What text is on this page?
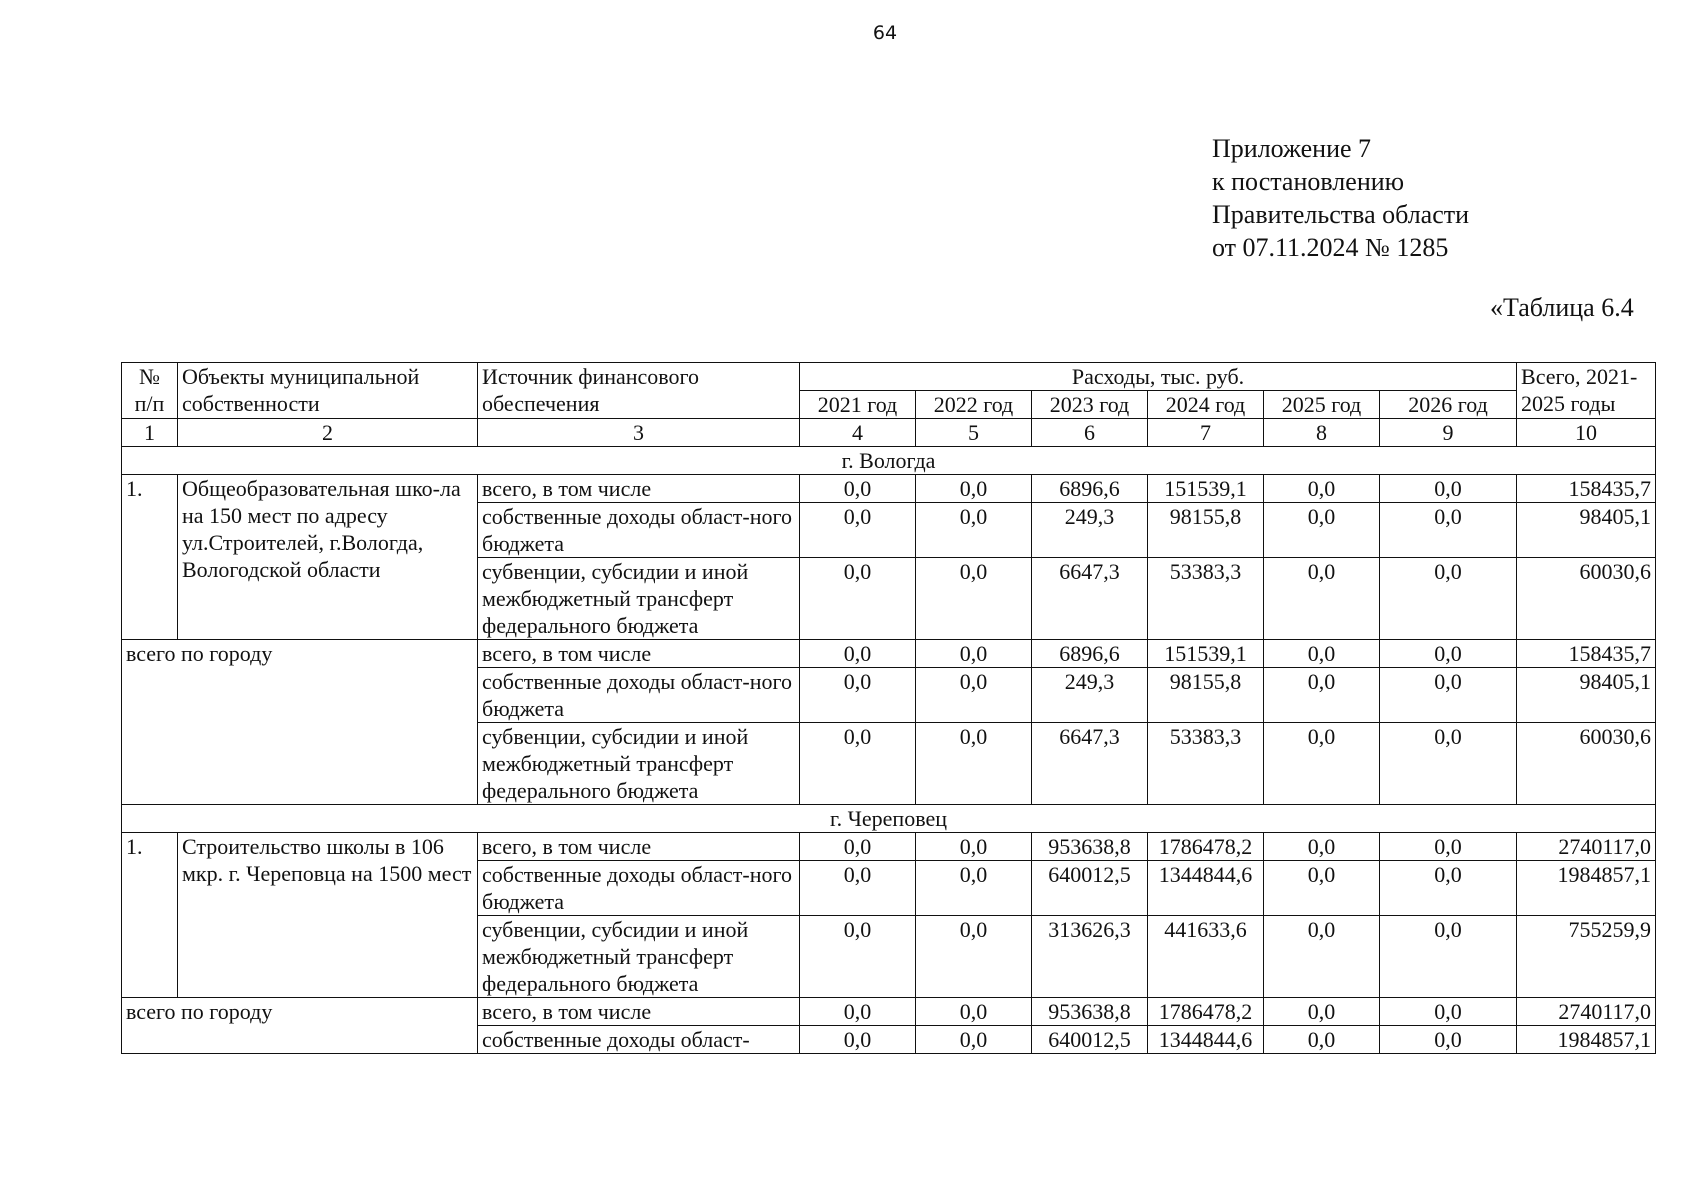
64
Приложение 7
к постановлению
Правительства области
от 07.11.2024 № 1285
«Таблица 6.4
№
п/п	Объекты муниципальной собственности	Источник финансового обеспечения	Расходы, тыс. руб.						Всего, 2021-2025 годы
			2021 год	2022 год	2023 год	2024 год	2025 год	2026 год	
1	2	3	4	5	6	7	8	9	10
г. Вологда									
1.	Общеобразовательная шко-ла на 150 мест по адресу ул.Строителей, г.Вологда, Вологодской области	всего, в том числе	0,0	0,0	6896,6	151539,1	0,0	0,0	158435,7
		собственные доходы област-ного бюджета	0,0	0,0	249,3	98155,8	0,0	0,0	98405,1
		субвенции, субсидии и иной межбюджетный трансферт федерального бюджета	0,0	0,0	6647,3	53383,3	0,0	0,0	60030,6
всего по городу		всего, в том числе	0,0	0,0	6896,6	151539,1	0,0	0,0	158435,7
		собственные доходы област-ного бюджета	0,0	0,0	249,3	98155,8	0,0	0,0	98405,1
		субвенции, субсидии и иной межбюджетный трансферт федерального бюджета	0,0	0,0	6647,3	53383,3	0,0	0,0	60030,6
г. Череповец									
1.	Строительство школы в 106 мкр. г. Череповца на 1500 мест	всего, в том числе	0,0	0,0	953638,8	1786478,2	0,0	0,0	2740117,0
		собственные доходы област-ного бюджета	0,0	0,0	640012,5	1344844,6	0,0	0,0	1984857,1
		субвенции, субсидии и иной межбюджетный трансферт федерального бюджета	0,0	0,0	313626,3	441633,6	0,0	0,0	755259,9
всего по городу		всего, в том числе	0,0	0,0	953638,8	1786478,2	0,0	0,0	2740117,0
		собственные доходы област-	0,0	0,0	640012,5	1344844,6	0,0	0,0	1984857,1
